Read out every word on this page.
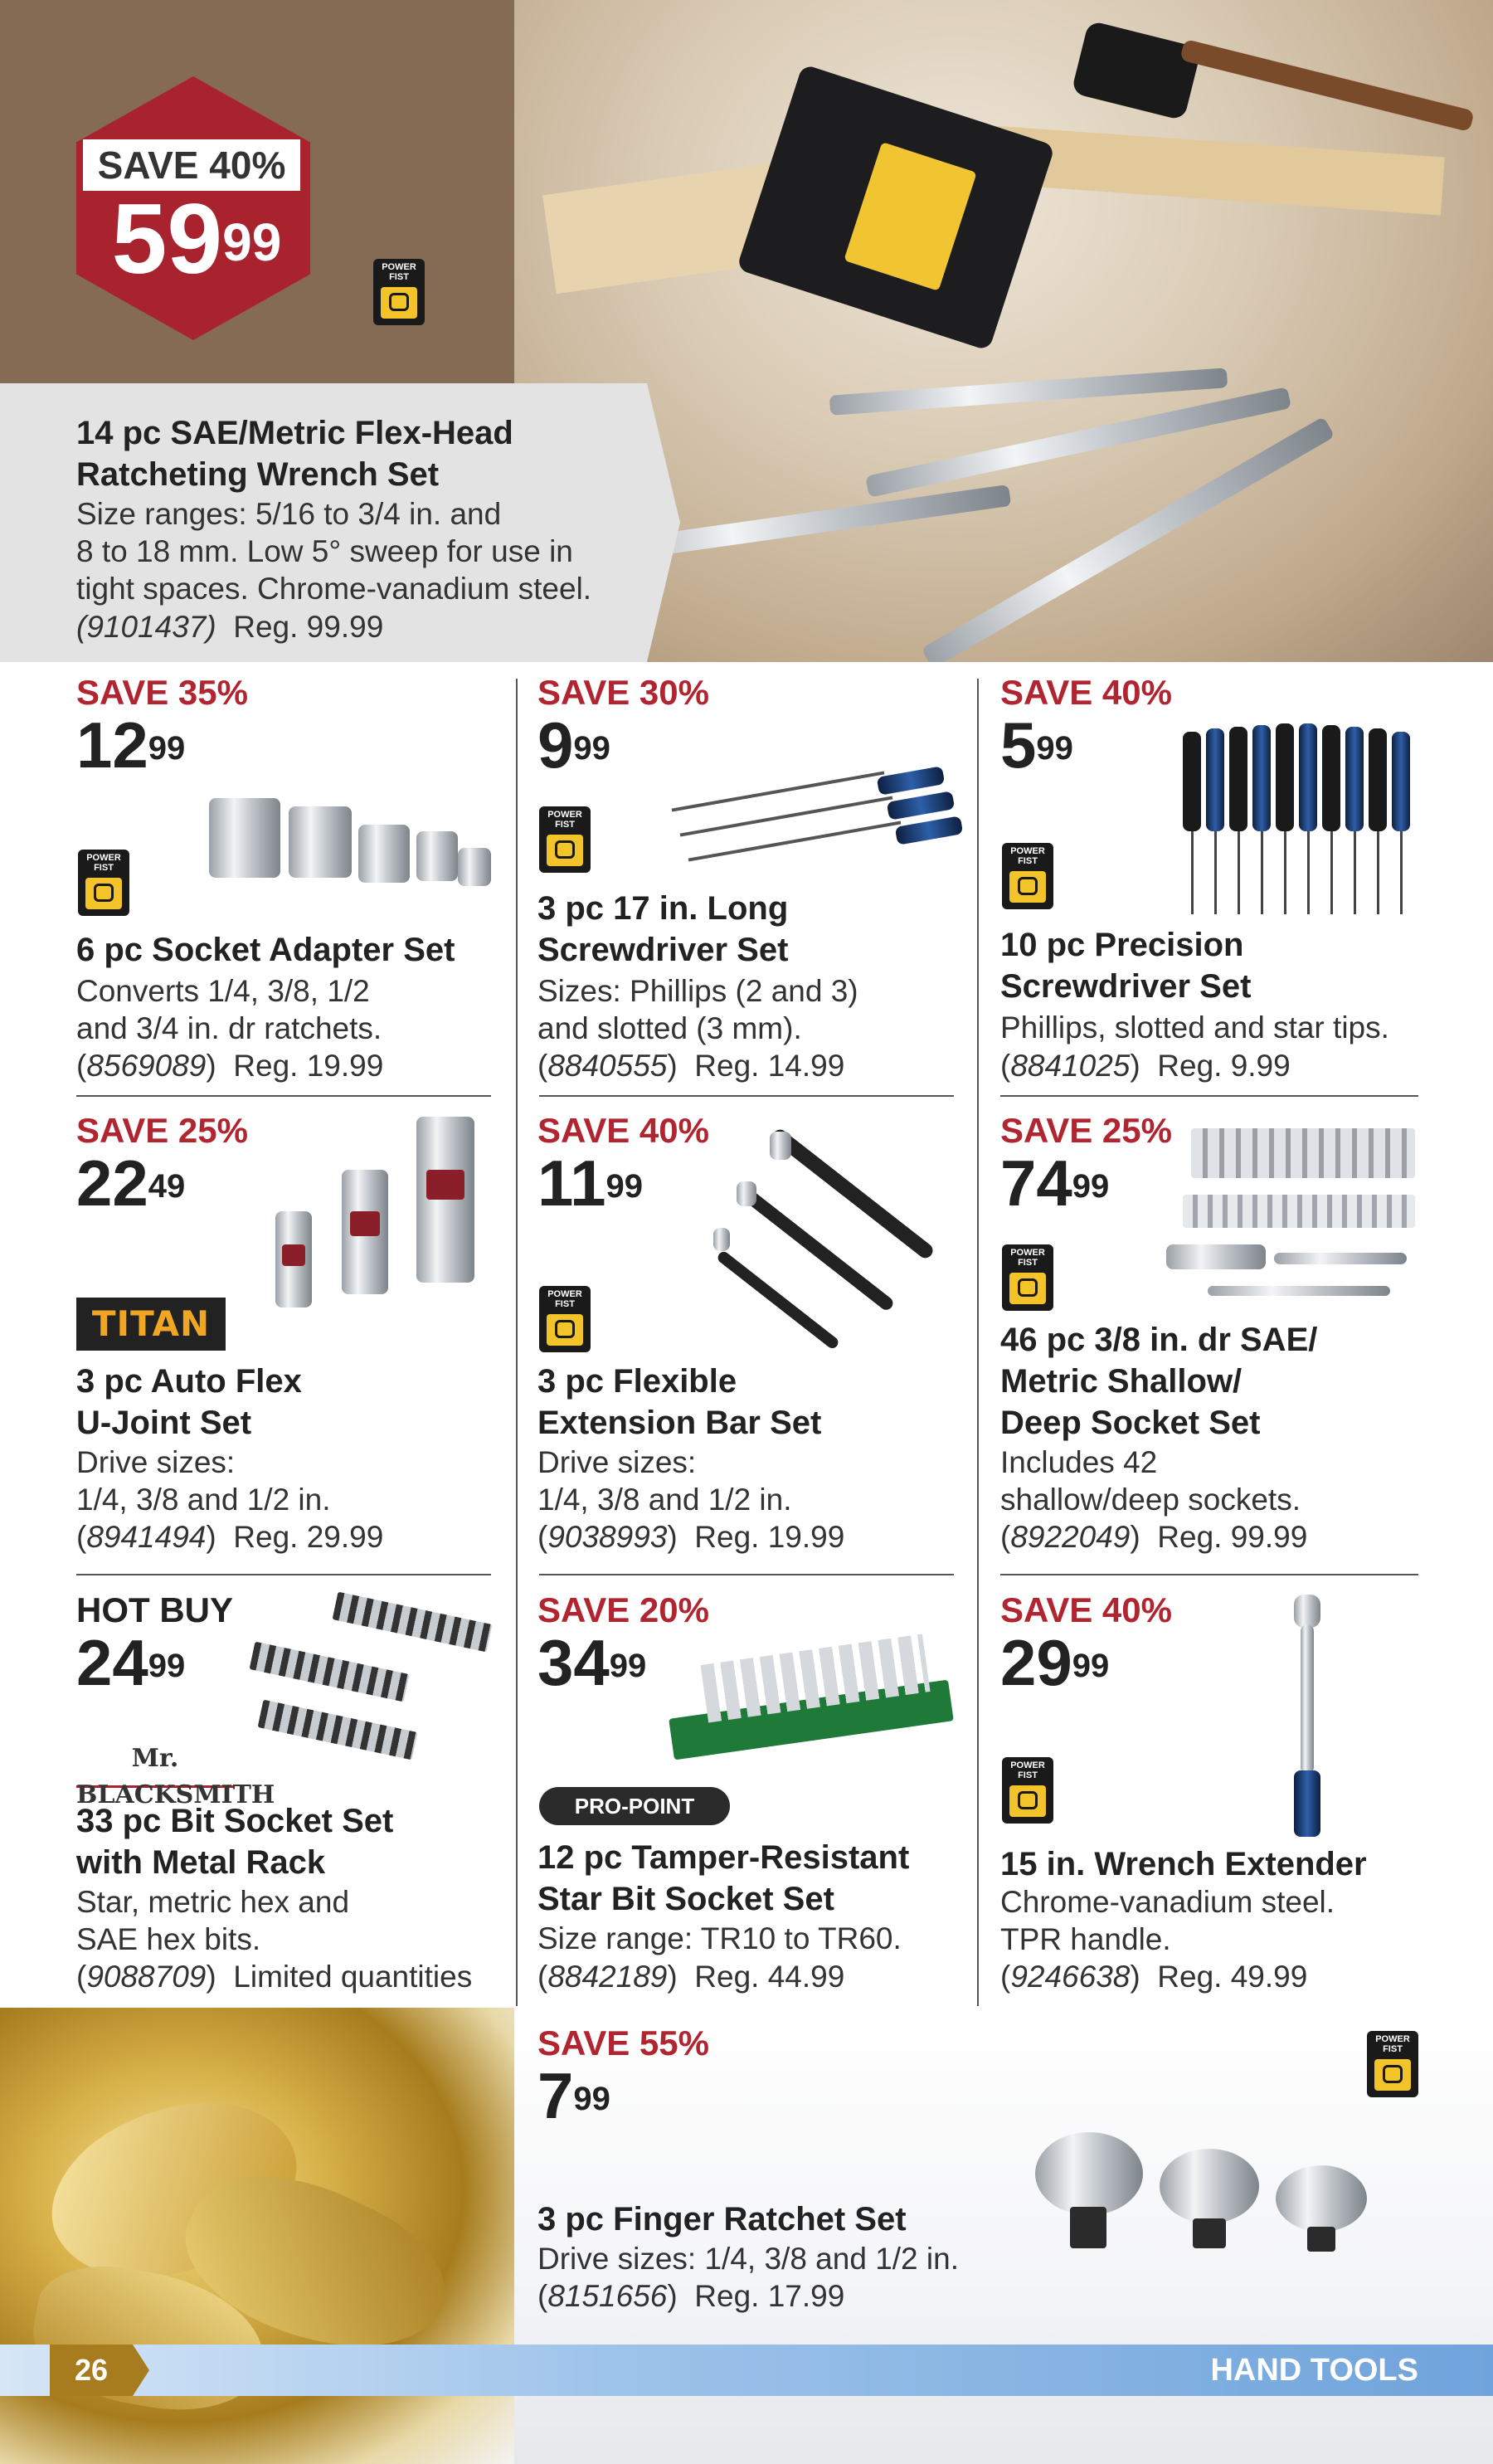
SAVE 40%
$59^{99}$	POWER FIST
14 pc SAE/Metric Flex-Head
Ratcheting Wrench Set
Size ranges: 5/16 to 3/4 in. and
8 to 18 mm. Low 5° sweep for use in
tight spaces. Chrome-vanadium steel.
(9101437) Reg. 99.99
SAVE 35%
$12^{99}$
POWER FIST
6 pc Socket Adapter Set
Converts 1/4, 3/8, 1/2
and 3/4 in. dr ratchets.
(8569089)  Reg. 19.99
SAVE 30%
$9^{99}$
POWER FIST
3 pc 17 in. Long
Screwdriver Set
Sizes: Phillips (2 and 3)
and slotted (3 mm).
(8840555)  Reg. 14.99
SAVE 40%
$5^{99}$
POWER FIST
10 pc Precision
Screwdriver Set
Phillips, slotted and star tips.
(8841025)  Reg. 9.99
SAVE 25%
$22^{49}$
TITAN
3 pc Auto Flex
U-Joint Set
Drive sizes:
1/4, 3/8 and 1/2 in.
(8941494)  Reg. 29.99
SAVE 40%
$11^{99}$
POWER FIST
3 pc Flexible
Extension Bar Set
Drive sizes:
1/4, 3/8 and 1/2 in.
(9038993)  Reg. 19.99
SAVE 25%
$74^{99}$
POWER FIST
46 pc 3/8 in. dr SAE/
Metric Shallow/
Deep Socket Set
Includes 42
shallow/deep sockets.
(8922049)  Reg. 99.99
HOT BUY
$24^{99}$
Mr. BLACKSMITH
33 pc Bit Socket Set
with Metal Rack
Star, metric hex and
SAE hex bits.
(9088709)  Limited quantities
SAVE 20%
$34^{99}$
PRO-POINT
12 pc Tamper-Resistant
Star Bit Socket Set
Size range: TR10 to TR60.
(8842189)  Reg. 44.99
SAVE 40%
$29^{99}$
POWER FIST
15 in. Wrench Extender
Chrome-vanadium steel.
TPR handle.
(9246638)  Reg. 49.99
SAVE 55%
$7^{99}$
POWER FIST
3 pc Finger Ratchet Set
Drive sizes: 1/4, 3/8 and 1/2 in.
(8151656)  Reg. 17.99
26	HAND TOOLS
